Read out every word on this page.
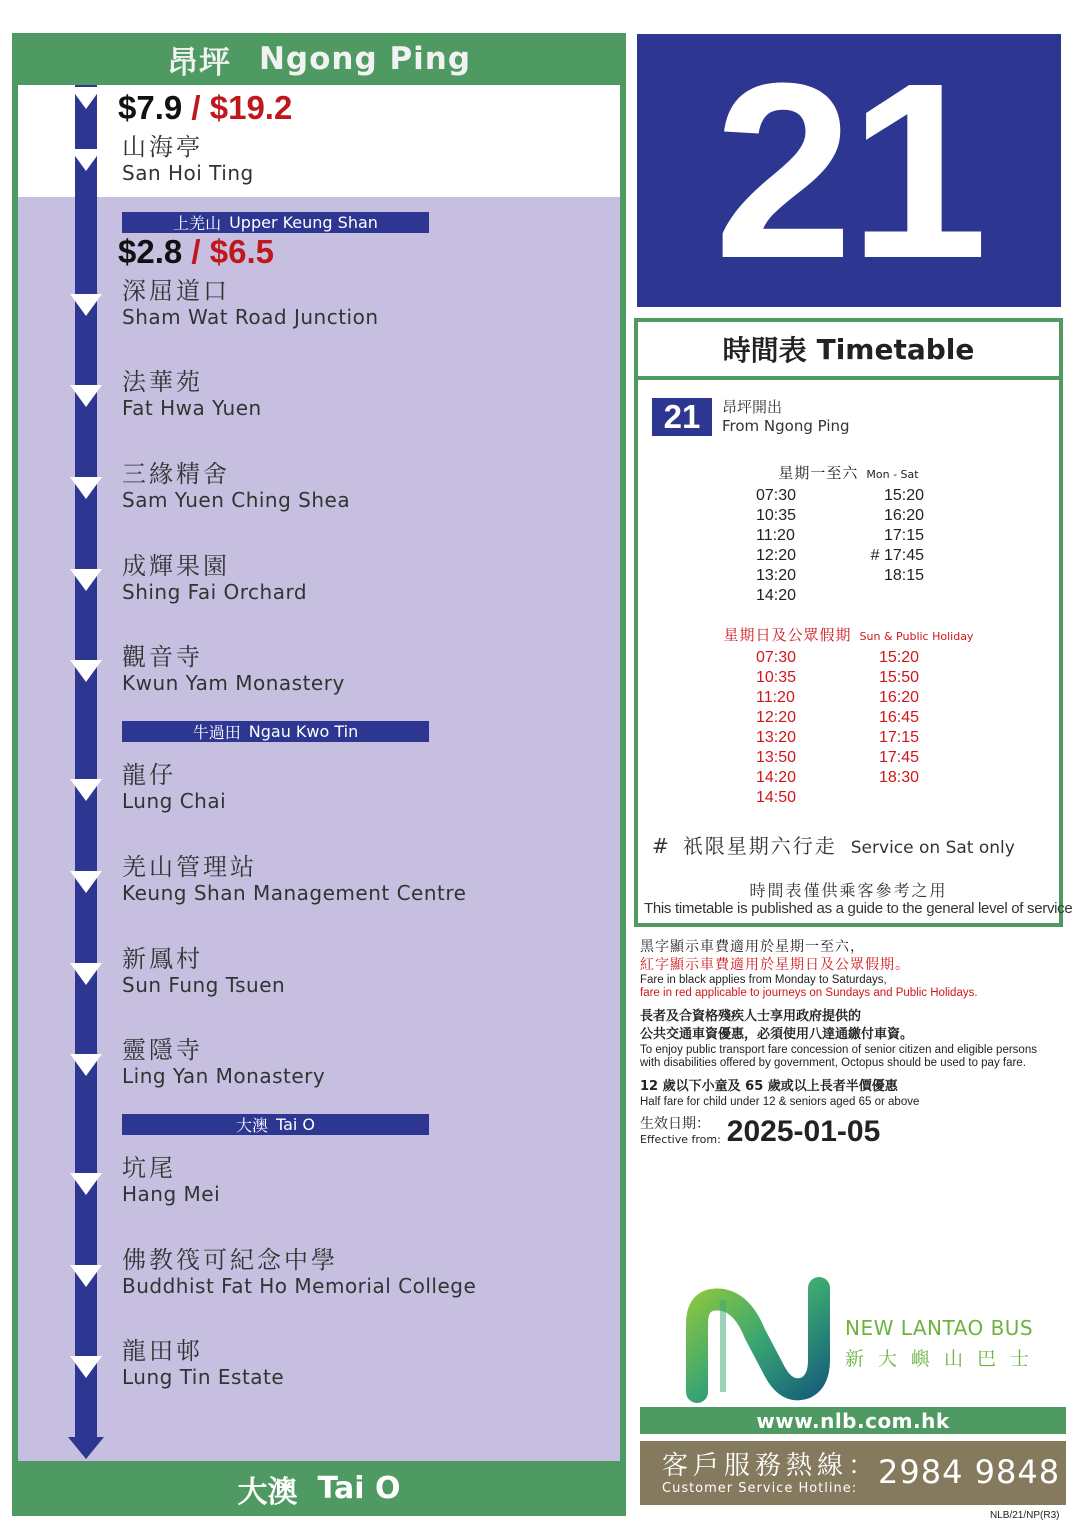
昂坪 Ngong Ping
$7.9 / $19.2
山海亭
San Hoi Ting
上羌山 Upper Keung Shan
$2.8 / $6.5
深屈道口
Sham Wat Road Junction
法華苑
Fat Hwa Yuen
三緣精舍
Sam Yuen Ching Shea
成輝果園
Shing Fai Orchard
觀音寺
Kwun Yam Monastery
牛過田 Ngau Kwo Tin
龍仔
Lung Chai
羌山管理站
Keung Shan Management Centre
新鳳村
Sun Fung Tsuen
靈隱寺
Ling Yan Monastery
大澳 Tai O
坑尾
Hang Mei
佛教筏可紀念中學
Buddhist Fat Ho Memorial College
龍田邨
Lung Tin Estate
大澳 Tai O
21
時間表 Timetable
21	昂坪開出
From Ngong Ping
星期一至六 Mon - Sat
07:30
10:35
11:20
12:20
13:20
14:20
15:20
16:20
17:15
# 17:45
18:15
星期日及公眾假期 Sun & Public Holiday
07:30
10:35
11:20
12:20
13:20
13:50
14:20
14:50
15:20
15:50
16:20
16:45
17:15
17:45
18:30
# 祇限星期六行走 Service on Sat only
時間表僅供乘客參考之用
This timetable is published as a guide to the general level of service

黑字顯示車費適用於星期一至六，

紅字顯示車費適用於星期日及公眾假期。

Fare in black applies from Monday to Saturdays,

fare in red applicable to journeys on Sundays and Public Holidays.

長者及合資格殘疾人士享用政府提供的

公共交通車資優惠，必須使用八達通繳付車資。

To enjoy public transport fare concession of senior citizen and eligible persons

with disabilities offered by government, Octopus should be used to pay fare.

12 歲以下小童及 65 歲或以上長者半價優惠

Half fare for child under 12 & seniors aged 65 or above

生效日期：
Effective from: 2025-01-05
NEW LANTAO BUS
新大嶼山巴士
www.nlb.com.hk
客戶服務熱線：
Customer Service Hotline: 2984 9848
NLB/21/NP(R3)
